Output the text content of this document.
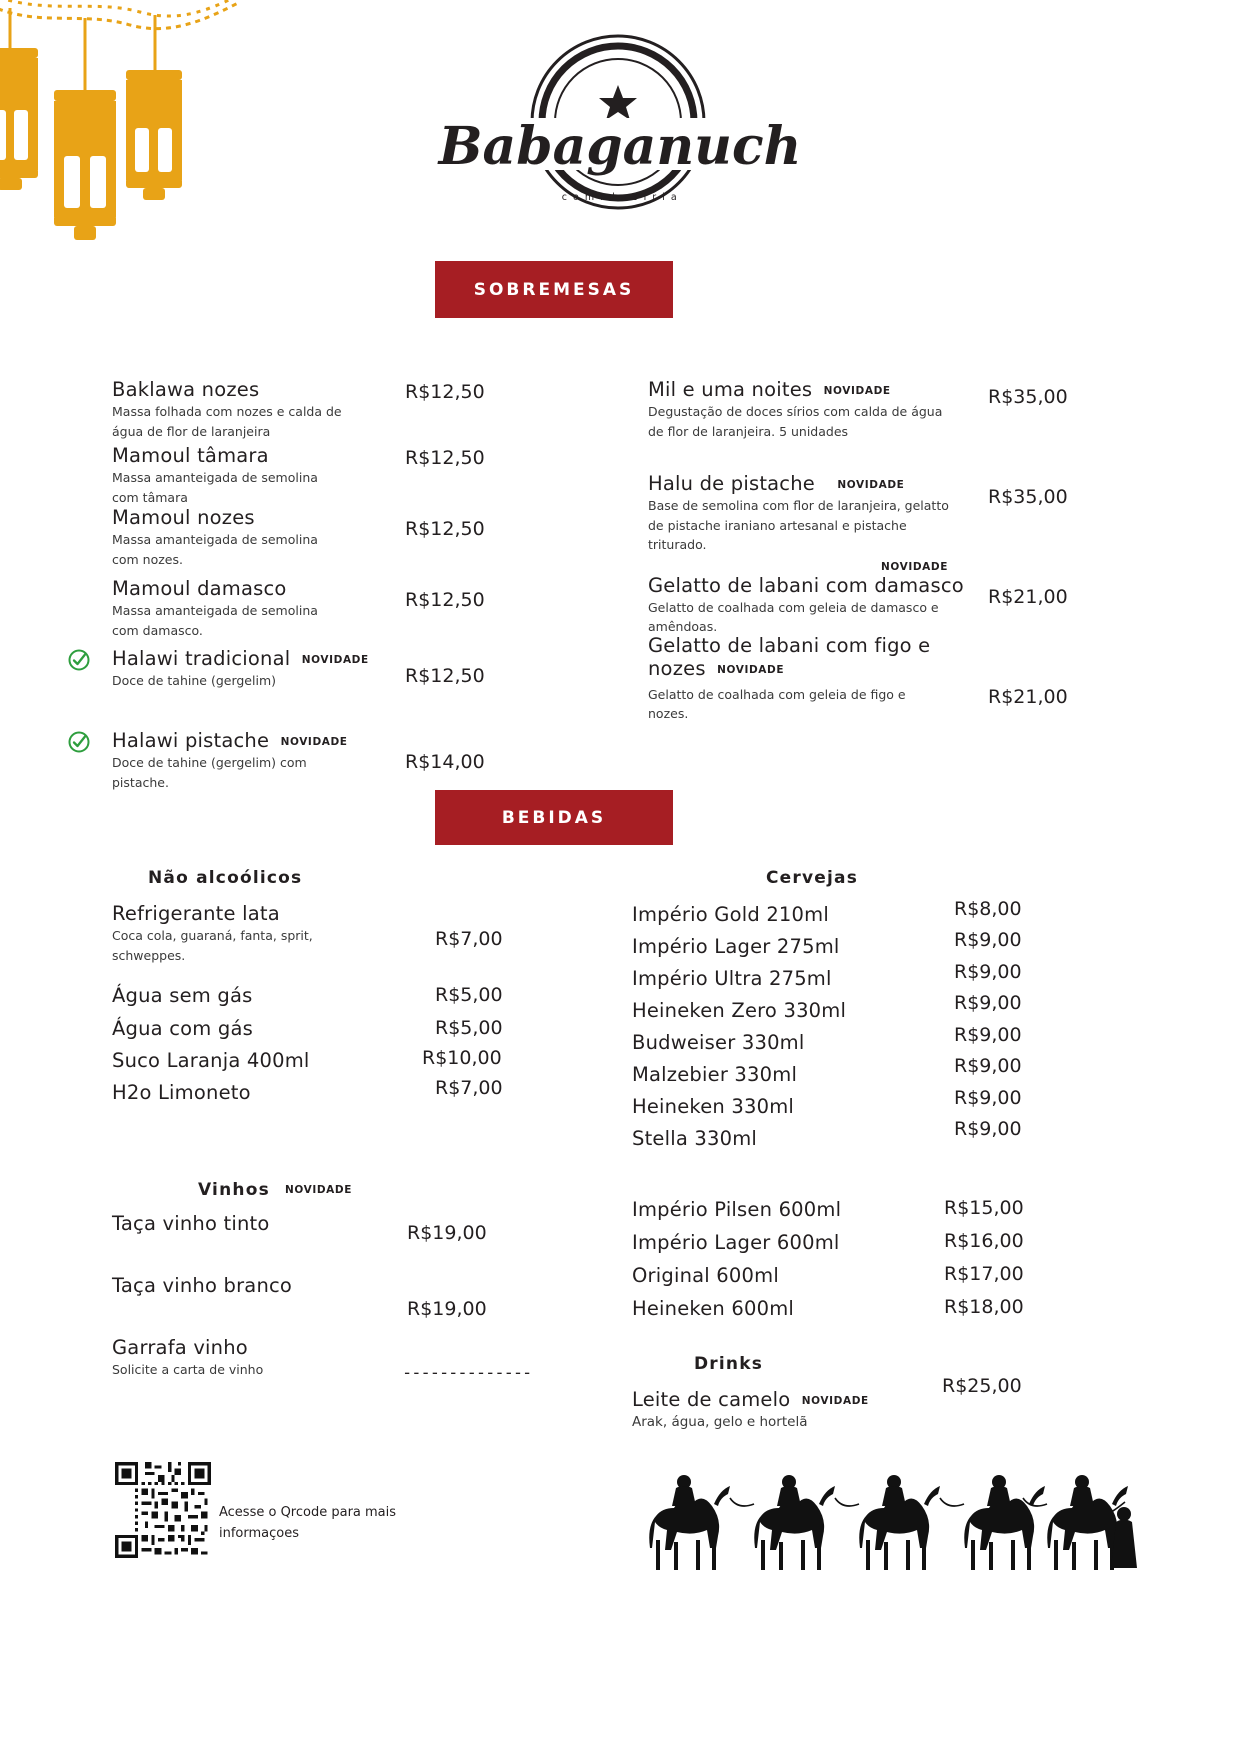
Babaganuch
c o m i d a s í r i a
SOBREMESAS
Baklawa nozes
Massa folhada com nozes e calda de água de flor de laranjeira
R$12,50
Mamoul tâmara
Massa amanteigada de semolina com tâmara
R$12,50
Mamoul nozes
Massa amanteigada de semolina com nozes.
R$12,50
Mamoul damasco
Massa amanteigada de semolina com damasco.
R$12,50
Halawi tradicional NOVIDADE
Doce de tahine (gergelim)	R$12,50
Halawi pistache NOVIDADE
Doce de tahine (gergelim) com pistache.
R$14,00
Mil e uma noites NOVIDADE
Degustação de doces sírios com calda de água de flor de laranjeira. 5 unidades
R$35,00
Halu de pistache NOVIDADE
Base de semolina com flor de laranjeira, gelatto de pistache iraniano artesanal e pistache triturado.
R$35,00
NOVIDADE
Gelatto de labani com damasco
Gelatto de coalhada com geleia de damasco e amêndoas.
R$21,00
Gelatto de labani com figo e nozes NOVIDADE
Gelatto de coalhada com geleia de figo e nozes.
R$21,00
BEBIDAS
Não alcoólicos
Refrigerante lata
Coca cola, guaraná, fanta, sprit, schweppes.
R$7,00
Água sem gás	R$5,00
Água com gás	R$5,00
Suco Laranja 400ml	R$10,00
H2o Limoneto	R$7,00
Vinhos NOVIDADE
Taça vinho tinto	R$19,00
Taça vinho branco
R$19,00
Garrafa vinho
Solicite a carta de vinho	--------------
Cervejas
Império Gold 210ml	R$8,00
Império Lager 275ml	R$9,00
Império Ultra 275ml	R$9,00
Heineken Zero 330ml	R$9,00
Budweiser 330ml	R$9,00
Malzebier 330ml	R$9,00
Heineken 330ml	R$9,00
Stella 330ml	R$9,00
Império Pilsen 600ml	R$15,00
Império Lager 600ml	R$16,00
Original 600ml	R$17,00
Heineken 600ml	R$18,00
Drinks
Leite de camelo NOVIDADE
Arak, água, gelo e hortelã
R$25,00
Acesse o Qrcode para mais informaçoes
